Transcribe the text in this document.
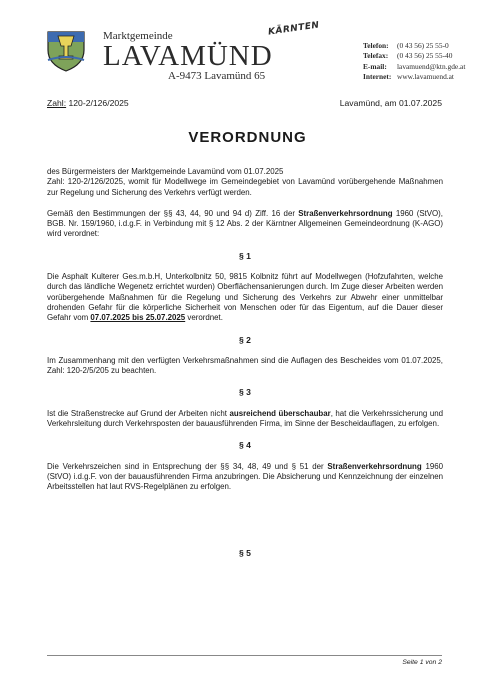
Marktgemeinde
LAVAMÜND
A-9473 Lavamünd 65
KÄRNTEN
Telefon: (0 43 56) 25 55-0
Telefax: (0 43 56) 25 55-40
E-mail: lavamuend@ktn.gde.at
Internet: www.lavamuend.at
Zahl: 120-2/126/2025	Lavamünd, am 01.07.2025
VERORDNUNG

des Bürgermeisters der Marktgemeinde Lavamünd vom 01.07.2025

Zahl: 120-2/126/2025, womit für Modellwege im Gemeindegebiet von Lavamünd vorübergehende Maßnahmen zur Regelung und Sicherung des Verkehrs verfügt werden.

Gemäß den Bestimmungen der §§ 43, 44, 90 und 94 d) Ziff. 16 der Straßenverkehrsordnung 1960 (StVO), BGB. Nr. 159/1960, i.d.g.F. in Verbindung mit § 12 Abs. 2 der Kärntner Allgemeinen Gemeindeordnung (K-AGO) wird verordnet:

§ 1

Die Asphalt Kulterer Ges.m.b.H, Unterkolbnitz 50, 9815 Kolbnitz führt auf Modellwegen (Hofzufahrten, welche durch das ländliche Wegenetz errichtet wurden) Oberflächensanierungen durch. Im Zuge dieser Arbeiten werden vorübergehende Maßnahmen für die Regelung und Sicherung des Verkehrs zur Abwehr einer unmittelbar drohenden Gefahr für die körperliche Sicherheit von Menschen oder für das Eigentum, auf die Dauer dieser Gefahr vom 07.07.2025 bis 25.07.2025 verordnet.

§ 2

Im Zusammenhang mit den verfügten Verkehrsmaßnahmen sind die Auflagen des Bescheides vom 01.07.2025, Zahl: 120-2/5/205 zu beachten.

§ 3

Ist die Straßenstrecke auf Grund der Arbeiten nicht ausreichend überschaubar, hat die Verkehrssicherung und Verkehrsleitung durch Verkehrsposten der bauausführenden Firma, im Sinne der Bescheidauflagen, zu erfolgen.

§ 4

Die Verkehrszeichen sind in Entsprechung der §§ 34, 48, 49 und § 51 der Straßenverkehrsordnung 1960 (StVO) i.d.g.F. von der bauausführenden Firma anzubringen. Die Absicherung und Kennzeichnung der einzelnen Arbeitsstellen hat laut RVS-Regelplänen zu erfolgen.

§ 5

Seite 1 von 2
